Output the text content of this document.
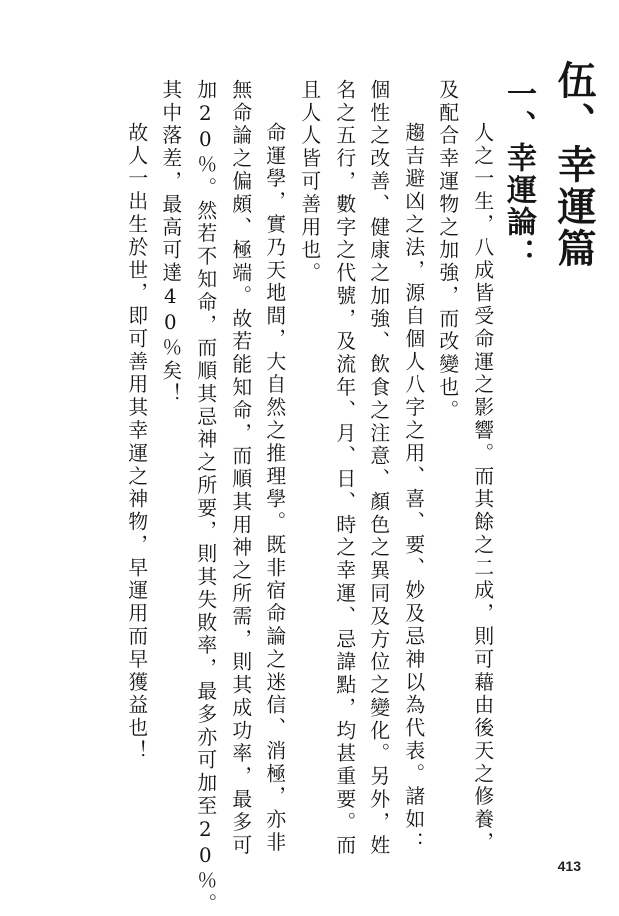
伍、幸運篇
一、幸運論：
人之一生，八成皆受命運之影響。而其餘之二成，則可藉由後天之修養，
及配合幸運物之加強，而改變也。
趨吉避凶之法，源自個人八字之用、喜、要、妙及忌神以為代表。諸如：
個性之改善、健康之加強、飲食之注意、顏色之異同及方位之變化。另外，姓
名之五行，數字之代號，及流年、月、日、時之幸運、忌諱點，均甚重要。而
且人人皆可善用也。
命運學，實乃天地間，大自然之推理學。既非宿命論之迷信、消極，亦非
無命論之偏頗、極端。故若能知命，而順其用神之所需，則其成功率，最多可
加20％。然若不知命，而順其忌神之所要，則其失敗率，最多亦可加至20％。
其中落差，最高可達40％矣！
故人一出生於世，即可善用其幸運之神物，早運用而早獲益也！
413
